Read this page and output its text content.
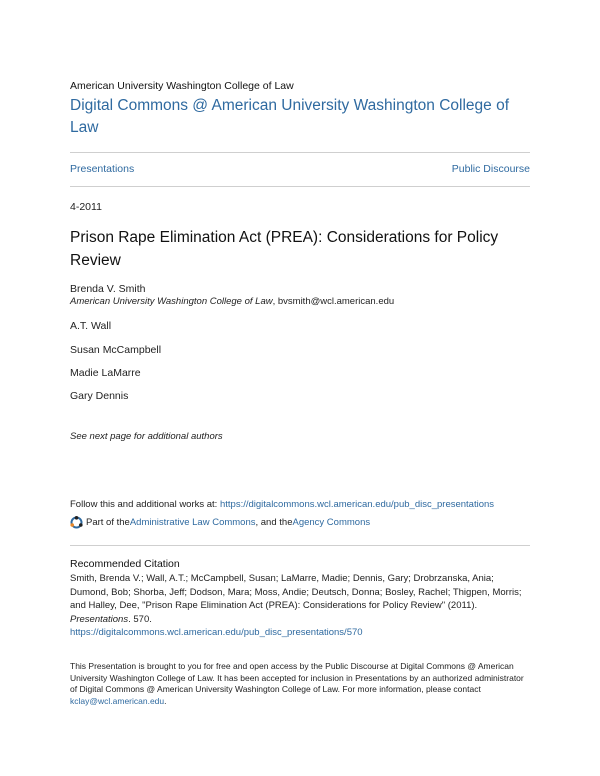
American University Washington College of Law
Digital Commons @ American University Washington College of Law
Presentations	Public Discourse
4-2011
Prison Rape Elimination Act (PREA): Considerations for Policy Review
Brenda V. Smith
American University Washington College of Law, bvsmith@wcl.american.edu
A.T. Wall
Susan McCampbell
Madie LaMarre
Gary Dennis
See next page for additional authors
Follow this and additional works at: https://digitalcommons.wcl.american.edu/pub_disc_presentations
Part of the Administrative Law Commons , and the Agency Commons
Recommended Citation
Smith, Brenda V.; Wall, A.T.; McCampbell, Susan; LaMarre, Madie; Dennis, Gary; Drobrzanska, Ania; Dumond, Bob; Shorba, Jeff; Dodson, Mara; Moss, Andie; Deutsch, Donna; Bosley, Rachel; Thigpen, Morris; and Halley, Dee, "Prison Rape Elimination Act (PREA): Considerations for Policy Review" (2011).
Presentations. 570.
https://digitalcommons.wcl.american.edu/pub_disc_presentations/570
This Presentation is brought to you for free and open access by the Public Discourse at Digital Commons @ American University Washington College of Law. It has been accepted for inclusion in Presentations by an authorized administrator of Digital Commons @ American University Washington College of Law. For more information, please contact kclay@wcl.american.edu.
